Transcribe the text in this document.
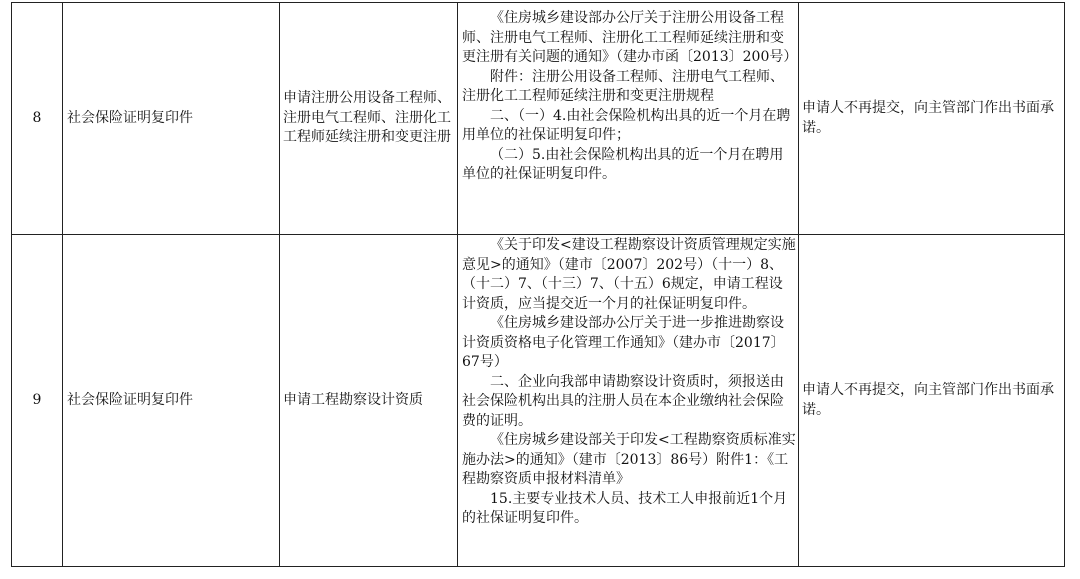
8	社会保险证明复印件	申请注册公用设备工程师、注册电气工程师、注册化工工程师延续注册和变更注册	《住房城乡建设部办公厅关于注册公用设备工程师、注册电气工程师、注册化工工程师延续注册和变更注册有关问题的通知》（建办市函〔2013〕200号）

附件：注册公用设备工程师、注册电气工程师、注册化工工程师延续注册和变更注册规程

二、（一）4.由社会保险机构出具的近一个月在聘用单位的社保证明复印件；

（二）5.由社会保险机构出具的近一个月在聘用单位的社保证明复印件。	申请人不再提交，向主管部门作出书面承诺。
9	社会保险证明复印件	申请工程勘察设计资质	《关于印发<建设工程勘察设计资质管理规定实施意见>的通知》（建市〔2007〕202号）（十一）8、（十二）7、（十三）7、（十五）6规定，申请工程设计资质，应当提交近一个月的社保证明复印件。

《住房城乡建设部办公厅关于进一步推进勘察设计资质资格电子化管理工作通知》（建办市〔2017〕67号）

二、企业向我部申请勘察设计资质时，须报送由社会保险机构出具的注册人员在本企业缴纳社会保险费的证明。

《住房城乡建设部关于印发<工程勘察资质标准实施办法>的通知》（建市〔2013〕86号）附件1：《工程勘察资质申报材料清单》

15.主要专业技术人员、技术工人申报前近1个月的社保证明复印件。	申请人不再提交，向主管部门作出书面承诺。
